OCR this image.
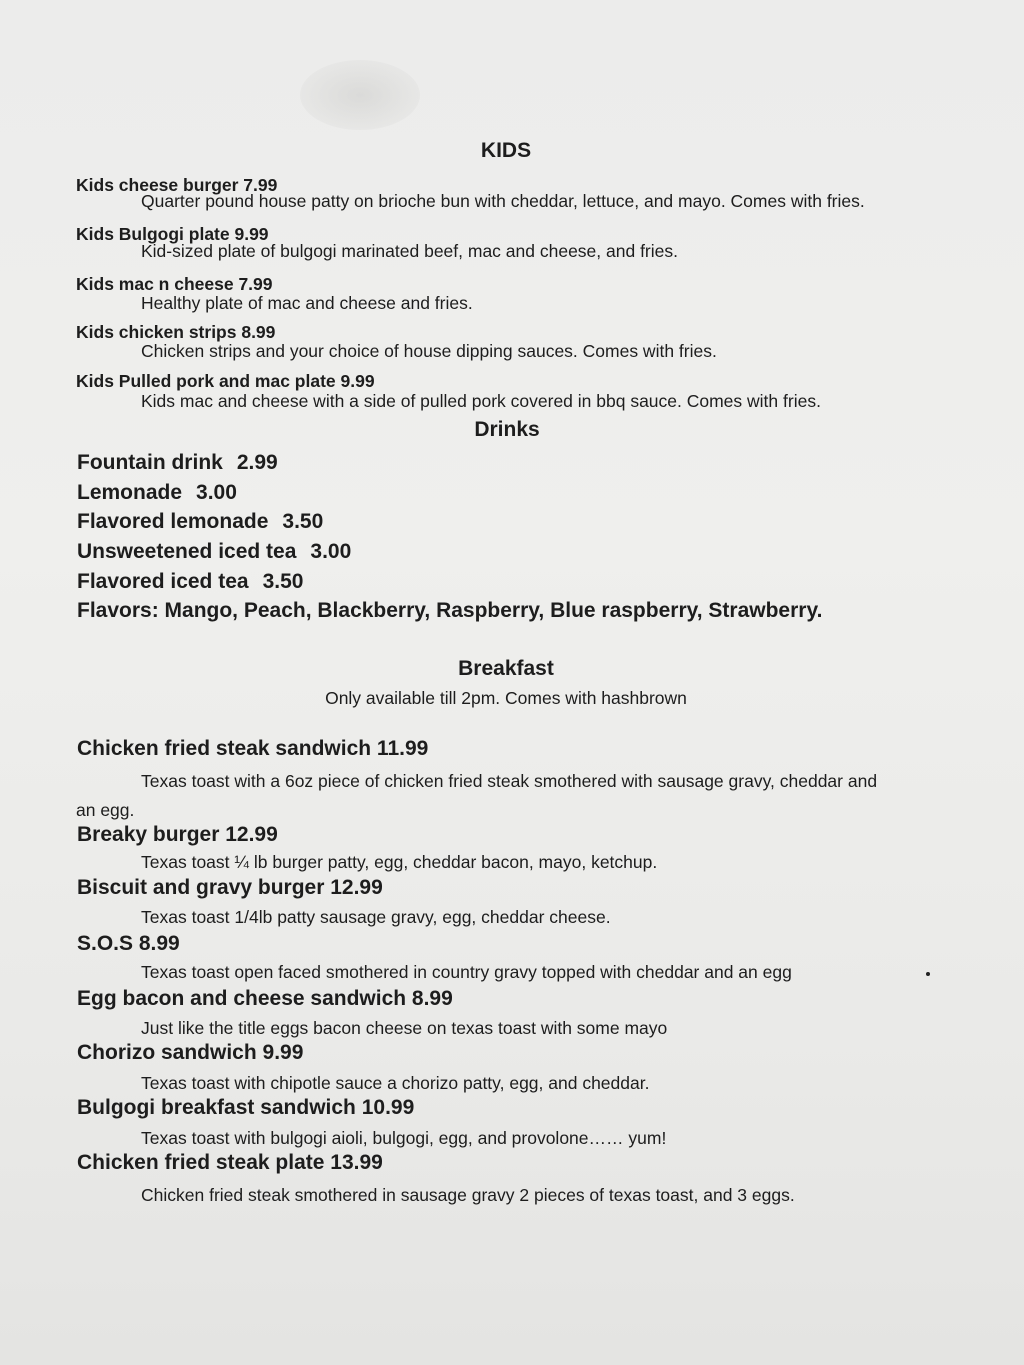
KIDS
Kids cheese burger 7.99
Quarter pound house patty on brioche bun with cheddar, lettuce, and mayo. Comes with fries.
Kids Bulgogi plate 9.99
Kid-sized plate of bulgogi marinated beef, mac and cheese, and fries.
Kids mac n cheese 7.99
Healthy plate of mac and cheese and fries.
Kids chicken strips 8.99
Chicken strips and your choice of house dipping sauces. Comes with fries.
Kids Pulled pork and mac plate 9.99
Kids mac and cheese with a side of pulled pork covered in bbq sauce. Comes with fries.
Drinks
Fountain drink 2.99
Lemonade 3.00
Flavored lemonade 3.50
Unsweetened iced tea 3.00
Flavored iced tea 3.50
Flavors: Mango, Peach, Blackberry, Raspberry, Blue raspberry, Strawberry.
Breakfast
Only available till 2pm. Comes with hashbrown
Chicken fried steak sandwich 11.99
Texas toast with a 6oz piece of chicken fried steak smothered with sausage gravy, cheddar and
an egg.
Breaky burger 12.99
Texas toast ¼ lb burger patty, egg, cheddar bacon, mayo, ketchup.
Biscuit and gravy burger 12.99
Texas toast 1/4lb patty sausage gravy, egg, cheddar cheese.
S.O.S 8.99
Texas toast open faced smothered in country gravy topped with cheddar and an egg
Egg bacon and cheese sandwich 8.99
Just like the title eggs bacon cheese on texas toast with some mayo
Chorizo sandwich 9.99
Texas toast with chipotle sauce a chorizo patty, egg, and cheddar.
Bulgogi breakfast sandwich 10.99
Texas toast with bulgogi aioli, bulgogi, egg, and provolone…… yum!
Chicken fried steak plate 13.99
Chicken fried steak smothered in sausage gravy 2 pieces of texas toast, and 3 eggs.
